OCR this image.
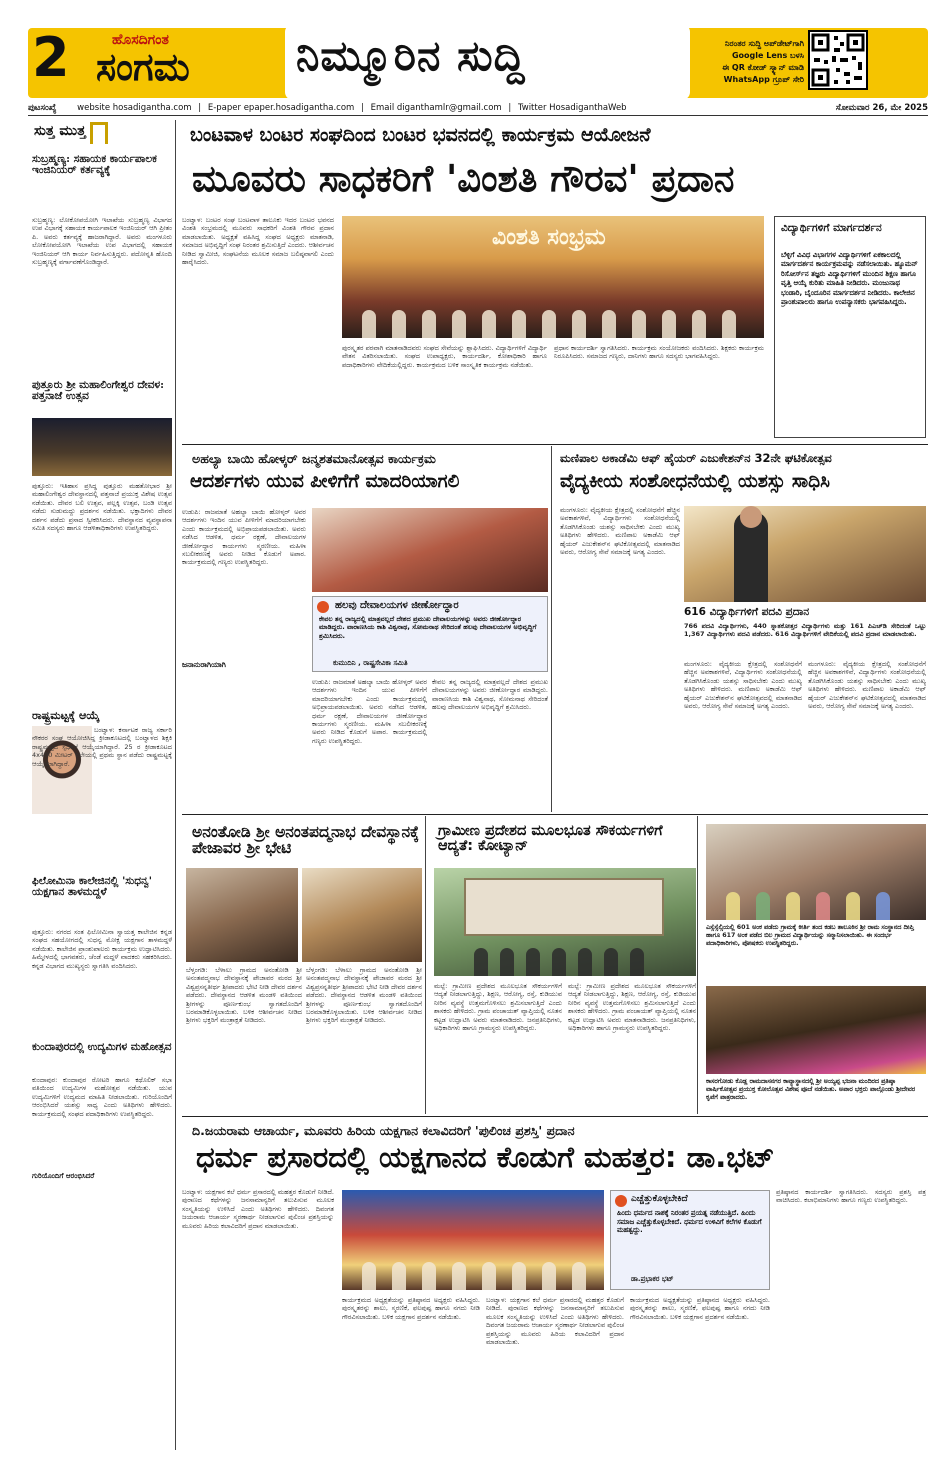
2	ಹೊಸದಿಗಂತ
ಸಂಗಮ	ನಿಮ್ಮೂರಿನ ಸುದ್ದಿ	ನಿರಂತರ ಸುದ್ದಿ ಅಪ್‌ಡೇಟ್‌ಗಾಗಿ
Google Lens ಬಳಸಿ
ಈ QR ಕೋಡ್ ಸ್ಕ್ಯಾನ್ ಮಾಡಿ
WhatsApp ಗ್ರೂಪ್ ಸೇರಿ
ಪುಟಸಂಖ್ಯೆ website hosadigantha.com | E-paper epaper.hosadigantha.com | Email diganthamlr@gmail.com | Twitter HosadiganthaWeb	ಸೋಮವಾರ 26, ಮೇ 2025
ಸುತ್ತ ಮುತ್ತ
ಸುಬ್ರಹ್ಮಣ್ಯ: ಸಹಾಯಕ ಕಾರ್ಯಪಾಲಕ ಇಂಜಿನಿಯರ್ ಕರ್ತವ್ಯಕ್ಕೆ
ಸುಬ್ರಹ್ಮಣ್ಯ: ಲೋಕೋಪಯೋಗಿ ಇಲಾಖೆಯ ಸುಬ್ರಹ್ಮಣ್ಯ ವಿಭಾಗದ ಉಪ ವಿಭಾಗಕ್ಕೆ ಸಹಾಯಕ ಕಾರ್ಯಪಾಲಕ ಇಂಜಿನಿಯರ್ ಆಗಿ ಪ್ರೀತಂ ಪಿ. ಅವರು ಕರ್ತವ್ಯಕ್ಕೆ ಹಾಜರಾಗಿದ್ದಾರೆ. ಅವರು ಮಂಗಳೂರು ಲೋಕೋಪಯೋಗಿ ಇಲಾಖೆಯ ಉಪ ವಿಭಾಗದಲ್ಲಿ ಸಹಾಯಕ ಇಂಜಿನಿಯರ್ ಆಗಿ ಕಾರ್ಯ ನಿರ್ವಹಿಸುತ್ತಿದ್ದರು. ಪದೋನ್ನತಿ ಹೊಂದಿ ಸುಬ್ರಹ್ಮಣ್ಯಕ್ಕೆ ವರ್ಗಾವಣೆಗೊಂಡಿದ್ದಾರೆ.
ಪುತ್ತೂರು ಶ್ರೀ ಮಹಾಲಿಂಗೇಶ್ವರ ದೇವಳ: ಪತ್ತನಾಜೆ ಉತ್ಸವ
ಪುತ್ತೂರು: ಇತಿಹಾಸ ಪ್ರಸಿದ್ಧ ಪುತ್ತೂರು ಮಹತೋಭಾರ ಶ್ರೀ ಮಹಾಲಿಂಗೇಶ್ವರ ದೇವಸ್ಥಾನದಲ್ಲಿ ಪತ್ತನಾಜೆ ಪ್ರಯುಕ್ತ ವಿಶೇಷ ಉತ್ಸವ ನಡೆಯಿತು. ದೇವರ ಬಲಿ ಉತ್ಸವ, ಪಲ್ಲಕ್ಕಿ ಉತ್ಸವ, ಬಂಡಿ ಉತ್ಸವ ನಡೆದು ಸುಡುಮದ್ದು ಪ್ರದರ್ಶನ ನಡೆಯಿತು. ಭಕ್ತಾದಿಗಳು ದೇವರ ದರ್ಶನ ಪಡೆದು ಪ್ರಸಾದ ಸ್ವೀಕರಿಸಿದರು. ದೇವಸ್ಥಾನದ ವ್ಯವಸ್ಥಾಪನಾ ಸಮಿತಿ ಸದಸ್ಯರು ಹಾಗೂ ಆಡಳಿತಾಧಿಕಾರಿಗಳು ಉಪಸ್ಥಿತರಿದ್ದರು.
ರಾಷ್ಟ್ರಮಟ್ಟಕ್ಕೆ ಆಯ್ಕೆ
ಬಂಟ್ವಾಳ: ಕರ್ನಾಟಕ ರಾಜ್ಯ ಸರ್ಕಾರಿ ನೌಕರರ ಸಂಘ ಆಯೋಜಿಸಿದ್ದ ಕ್ರೀಡಾಕೂಟದಲ್ಲಿ ಬಂಟ್ವಾಳದ ಶಿಕ್ಷಕಿ ರಾಷ್ಟ್ರಮಟ್ಟದ ಸ್ಪರ್ಧೆಗೆ ಆಯ್ಕೆಯಾಗಿದ್ದಾರೆ. 25 ರ ಕ್ರೀಡಾಕೂಟದ 4x400 ಮೀಟರ್ ರಿಲೇಯಲ್ಲಿ ಪ್ರಥಮ ಸ್ಥಾನ ಪಡೆದು ರಾಷ್ಟ್ರಮಟ್ಟಕ್ಕೆ ಆಯ್ಕೆಯಾಗಿದ್ದಾರೆ.
ಫಿಲೋಮಿನಾ ಕಾಲೇಜಿನಲ್ಲಿ 'ಸುಧನ್ವ' ಯಕ್ಷಗಾನ ತಾಳಮದ್ದಳೆ
ಪುತ್ತೂರು: ನಗರದ ಸಂತ ಫಿಲೋಮಿನಾ ಸ್ವಾಯತ್ತ ಕಾಲೇಜಿನ ಕನ್ನಡ ಸಂಘದ ಸಹಯೋಗದಲ್ಲಿ ಸುಧನ್ವ ಮೋಕ್ಷ ಯಕ್ಷಗಾನ ತಾಳಮದ್ದಳೆ ನಡೆಯಿತು. ಕಾಲೇಜಿನ ಪ್ರಾಂಶುಪಾಲರು ಕಾರ್ಯಕ್ರಮ ಉದ್ಘಾಟಿಸಿದರು. ಹಿಮ್ಮೇಳದಲ್ಲಿ ಭಾಗವತರು, ಚೆಂಡೆ ಮದ್ದಳೆ ವಾದಕರು ಸಹಕರಿಸಿದರು. ಕನ್ನಡ ವಿಭಾಗದ ಮುಖ್ಯಸ್ಥರು ಸ್ವಾಗತಿಸಿ ವಂದಿಸಿದರು.
ಕುಂದಾಪುರದಲ್ಲಿ ಉದ್ಯಮಿಗಳ ಮಹೋತ್ಸವ
ಕುಂದಾಪುರ: ಕುಂದಾಪುರ ರೋಟರಿ ಹಾಗೂ ಕಥೊಲಿಕ್ ಸಭಾ ವತಿಯಿಂದ ಉದ್ಯಮಿಗಳ ಮಹೋತ್ಸವ ನಡೆಯಿತು. ಯುವ ಉದ್ಯಮಿಗಳಿಗೆ ಉದ್ಯಮದ ಮಾಹಿತಿ ನೀಡಲಾಯಿತು. ಗುರಿಯೊಂದಿಗೆ ಆರಂಭಿಸಿದರೆ ಯಶಸ್ಸು ಸಾಧ್ಯ ಎಂದು ಅತಿಥಿಗಳು ಹೇಳಿದರು. ಕಾರ್ಯಕ್ರಮದಲ್ಲಿ ಸಂಘದ ಪದಾಧಿಕಾರಿಗಳು ಉಪಸ್ಥಿತರಿದ್ದರು.
ಗುರಿಯೊಂದಿಗೆ ಆರಂಭಿಸಿದರೆ
ಬಂಟವಾಳ ಬಂಟರ ಸಂಘದಿಂದ ಬಂಟರ ಭವನದಲ್ಲಿ ಕಾರ್ಯಕ್ರಮ ಆಯೋಜನೆ
ಮೂವರು ಸಾಧಕರಿಗೆ 'ವಿಂಶತಿ ಗೌರವ' ಪ್ರದಾನ
ಬಂಟ್ವಾಳ: ಬಂಟರ ಸಂಘ ಬಂಟವಾಳ ತಾಲೂಕು ಇದರ ಬಂಟರ ಭವನದ ವಿಂಶತಿ ಸಂಭ್ರಮದಲ್ಲಿ ಮೂವರು ಸಾಧಕರಿಗೆ ವಿಂಶತಿ ಗೌರವ ಪ್ರದಾನ ಮಾಡಲಾಯಿತು. ಅಧ್ಯಕ್ಷತೆ ವಹಿಸಿದ್ದ ಸಂಘದ ಅಧ್ಯಕ್ಷರು ಮಾತನಾಡಿ, ಸಮಾಜದ ಅಭಿವೃದ್ಧಿಗೆ ಸಂಘ ನಿರಂತರ ಶ್ರಮಿಸುತ್ತಿದೆ ಎಂದರು. ಆಶೀರ್ವಚನ ನೀಡಿದ ಸ್ವಾಮೀಜಿ, ಸಂಘಟನೆಯ ಮೂಲಕ ಸಮಾಜ ಬಲಿಷ್ಠವಾಗಲಿ ಎಂದು ಹಾರೈಸಿದರು.
ವಿಂಶತಿ ಸಂಭ್ರಮ
ಪುರಸ್ಕೃತರ ಪರವಾಗಿ ಮಾತನಾಡಿದವರು ಸಂಘದ ಸೇವೆಯನ್ನು ಶ್ಲಾಘಿಸಿದರು. ವಿದ್ಯಾರ್ಥಿಗಳಿಗೆ ವಿದ್ಯಾರ್ಥಿ ವೇತನ ವಿತರಿಸಲಾಯಿತು. ಸಂಘದ ಉಪಾಧ್ಯಕ್ಷರು, ಕಾರ್ಯದರ್ಶಿ, ಕೋಶಾಧಿಕಾರಿ ಹಾಗೂ ಪದಾಧಿಕಾರಿಗಳು ವೇದಿಕೆಯಲ್ಲಿದ್ದರು. ಕಾರ್ಯಕ್ರಮದ ಬಳಿಕ ಸಾಂಸ್ಕೃತಿಕ ಕಾರ್ಯಕ್ರಮ ನಡೆಯಿತು.
ಪ್ರಧಾನ ಕಾರ್ಯದರ್ಶಿ ಸ್ವಾಗತಿಸಿದರು. ಕಾರ್ಯಕ್ರಮ ಸಂಯೋಜಕರು ವಂದಿಸಿದರು. ಶಿಕ್ಷಕರು ಕಾರ್ಯಕ್ರಮ ನಿರೂಪಿಸಿದರು. ಸಮಾಜದ ಗಣ್ಯರು, ದಾನಿಗಳು ಹಾಗೂ ಸದಸ್ಯರು ಭಾಗವಹಿಸಿದ್ದರು.
ವಿದ್ಯಾರ್ಥಿಗಳಿಗೆ ಮಾರ್ಗದರ್ಶನ
ಬೆಳ್ಳಿಗೆ ವಿವಿಧ ವಿಭಾಗಗಳ ವಿದ್ಯಾರ್ಥಿಗಳಿಗೆ ಏಕಕಾಲದಲ್ಲಿ ಮಾರ್ಗದರ್ಶನ ಕಾರ್ಯಕ್ರಮವನ್ನು ನಡೆಸಲಾಯಿತು. ಹ್ಯೂಮನ್ ರಿಸೋರ್ಸ್‌ನ ತಜ್ಞರು ವಿದ್ಯಾರ್ಥಿಗಳಿಗೆ ಮುಂದಿನ ಶಿಕ್ಷಣ ಹಾಗೂ ವೃತ್ತಿ ಆಯ್ಕೆ ಕುರಿತು ಮಾಹಿತಿ ನೀಡಿದರು. ಮಂಜುನಾಥ ಭಂಡಾರಿ, ಬೈಂದೂರಿನ ಮಾರ್ಗದರ್ಶನ ನೀಡಿದರು. ಕಾಲೇಜಿನ ಪ್ರಾಂಶುಪಾಲರು ಹಾಗೂ ಉಪನ್ಯಾಸಕರು ಭಾಗವಹಿಸಿದ್ದರು.
ಅಹಲ್ಯಾ ಬಾಯಿ ಹೋಳ್ಕರ್ ಜನ್ಮಶತಮಾನೋತ್ಸವ ಕಾರ್ಯಕ್ರಮ
ಆದರ್ಶಗಳು ಯುವ ಪೀಳಿಗೆಗೆ ಮಾದರಿಯಾಗಲಿ
ಉಡುಪಿ: ರಾಜಮಾತೆ ಅಹಲ್ಯಾ ಬಾಯಿ ಹೋಳ್ಕರ್ ಅವರ ಆದರ್ಶಗಳು ಇಂದಿನ ಯುವ ಪೀಳಿಗೆಗೆ ಮಾದರಿಯಾಗಬೇಕು ಎಂದು ಕಾರ್ಯಕ್ರಮದಲ್ಲಿ ಅಭಿಪ್ರಾಯಪಡಲಾಯಿತು. ಅವರು ನಡೆಸಿದ ಆಡಳಿತ, ಧರ್ಮ ರಕ್ಷಣೆ, ದೇವಾಲಯಗಳ ಜೀರ್ಣೋದ್ಧಾರ ಕಾರ್ಯಗಳು ಸ್ಮರಣೀಯ. ಮಹಿಳಾ ಸಬಲೀಕರಣಕ್ಕೆ ಅವರು ನೀಡಿದ ಕೊಡುಗೆ ಅಪಾರ. ಕಾರ್ಯಕ್ರಮದಲ್ಲಿ ಗಣ್ಯರು ಉಪಸ್ಥಿತರಿದ್ದರು.
ಜನಾನುರಾಗಿಯಾಗಿ
ಹಲವು ದೇವಾಲಯಗಳ ಜೀರ್ಣೋದ್ಧಾರ
ಕೇವಲ ತನ್ನ ರಾಜ್ಯದಲ್ಲಿ ಮಾತ್ರವಲ್ಲದೆ ದೇಶದ ಪ್ರಮುಖ ದೇವಾಲಯಗಳನ್ನು ಅವರು ಜೀರ್ಣೋದ್ಧಾರ ಮಾಡಿದ್ದರು. ವಾರಾಣಸಿಯ ಕಾಶಿ ವಿಶ್ವನಾಥ, ಸೋಮನಾಥ ಸೇರಿದಂತೆ ಹಲವು ದೇವಾಲಯಗಳ ಅಭಿವೃದ್ಧಿಗೆ ಶ್ರಮಿಸಿದರು.
ಕುಮುದಿನಿ , ರಾಷ್ಟ್ರಸೇವಿಕಾ ಸಮಿತಿ
ಉಡುಪಿ: ರಾಜಮಾತೆ ಅಹಲ್ಯಾ ಬಾಯಿ ಹೋಳ್ಕರ್ ಅವರ ಆದರ್ಶಗಳು ಇಂದಿನ ಯುವ ಪೀಳಿಗೆಗೆ ಮಾದರಿಯಾಗಬೇಕು ಎಂದು ಕಾರ್ಯಕ್ರಮದಲ್ಲಿ ಅಭಿಪ್ರಾಯಪಡಲಾಯಿತು. ಅವರು ನಡೆಸಿದ ಆಡಳಿತ, ಧರ್ಮ ರಕ್ಷಣೆ, ದೇವಾಲಯಗಳ ಜೀರ್ಣೋದ್ಧಾರ ಕಾರ್ಯಗಳು ಸ್ಮರಣೀಯ. ಮಹಿಳಾ ಸಬಲೀಕರಣಕ್ಕೆ ಅವರು ನೀಡಿದ ಕೊಡುಗೆ ಅಪಾರ. ಕಾರ್ಯಕ್ರಮದಲ್ಲಿ ಗಣ್ಯರು ಉಪಸ್ಥಿತರಿದ್ದರು.
ಕೇವಲ ತನ್ನ ರಾಜ್ಯದಲ್ಲಿ ಮಾತ್ರವಲ್ಲದೆ ದೇಶದ ಪ್ರಮುಖ ದೇವಾಲಯಗಳನ್ನು ಅವರು ಜೀರ್ಣೋದ್ಧಾರ ಮಾಡಿದ್ದರು. ವಾರಾಣಸಿಯ ಕಾಶಿ ವಿಶ್ವನಾಥ, ಸೋಮನಾಥ ಸೇರಿದಂತೆ ಹಲವು ದೇವಾಲಯಗಳ ಅಭಿವೃದ್ಧಿಗೆ ಶ್ರಮಿಸಿದರು.
ಮಣಿಪಾಲ ಅಕಾಡೆಮಿ ಆಫ್ ಹೈಯರ್ ಎಜುಕೇಶನ್‌ನ 32ನೇ ಘಟಿಕೋತ್ಸವ
ವೈದ್ಯಕೀಯ ಸಂಶೋಧನೆಯಲ್ಲಿ ಯಶಸ್ಸು ಸಾಧಿಸಿ
ಮಂಗಳೂರು: ವೈದ್ಯಕೀಯ ಕ್ಷೇತ್ರದಲ್ಲಿ ಸಂಶೋಧನೆಗೆ ಹೆಚ್ಚಿನ ಅವಕಾಶಗಳಿವೆ, ವಿದ್ಯಾರ್ಥಿಗಳು ಸಂಶೋಧನೆಯಲ್ಲಿ ತೊಡಗಿಸಿಕೊಂಡು ಯಶಸ್ಸು ಸಾಧಿಸಬೇಕು ಎಂದು ಮುಖ್ಯ ಅತಿಥಿಗಳು ಹೇಳಿದರು. ಮಣಿಪಾಲ ಅಕಾಡೆಮಿ ಆಫ್ ಹೈಯರ್ ಎಜುಕೇಶನ್‌ನ ಘಟಿಕೋತ್ಸವದಲ್ಲಿ ಮಾತನಾಡಿದ ಅವರು, ಆರೋಗ್ಯ ಸೇವೆ ಸಮಾಜಕ್ಕೆ ಅಗತ್ಯ ಎಂದರು.
616 ವಿದ್ಯಾರ್ಥಿಗಳಿಗೆ ಪದವಿ ಪ್ರದಾನ
766 ಪದವಿ ವಿದ್ಯಾರ್ಥಿಗಳು, 440 ಸ್ನಾತಕೋತ್ತರ ವಿದ್ಯಾರ್ಥಿಗಳು ಮತ್ತು 161 ಪಿಎಚ್‌ಡಿ ಸೇರಿದಂತೆ ಒಟ್ಟು 1,367 ವಿದ್ಯಾರ್ಥಿಗಳು ಪದವಿ ಪಡೆದರು. 616 ವಿದ್ಯಾರ್ಥಿಗಳಿಗೆ ವೇದಿಕೆಯಲ್ಲಿ ಪದವಿ ಪ್ರದಾನ ಮಾಡಲಾಯಿತು.
ಮಂಗಳೂರು: ವೈದ್ಯಕೀಯ ಕ್ಷೇತ್ರದಲ್ಲಿ ಸಂಶೋಧನೆಗೆ ಹೆಚ್ಚಿನ ಅವಕಾಶಗಳಿವೆ, ವಿದ್ಯಾರ್ಥಿಗಳು ಸಂಶೋಧನೆಯಲ್ಲಿ ತೊಡಗಿಸಿಕೊಂಡು ಯಶಸ್ಸು ಸಾಧಿಸಬೇಕು ಎಂದು ಮುಖ್ಯ ಅತಿಥಿಗಳು ಹೇಳಿದರು. ಮಣಿಪಾಲ ಅಕಾಡೆಮಿ ಆಫ್ ಹೈಯರ್ ಎಜುಕೇಶನ್‌ನ ಘಟಿಕೋತ್ಸವದಲ್ಲಿ ಮಾತನಾಡಿದ ಅವರು, ಆರೋಗ್ಯ ಸೇವೆ ಸಮಾಜಕ್ಕೆ ಅಗತ್ಯ ಎಂದರು.
ಮಂಗಳೂರು: ವೈದ್ಯಕೀಯ ಕ್ಷೇತ್ರದಲ್ಲಿ ಸಂಶೋಧನೆಗೆ ಹೆಚ್ಚಿನ ಅವಕಾಶಗಳಿವೆ, ವಿದ್ಯಾರ್ಥಿಗಳು ಸಂಶೋಧನೆಯಲ್ಲಿ ತೊಡಗಿಸಿಕೊಂಡು ಯಶಸ್ಸು ಸಾಧಿಸಬೇಕು ಎಂದು ಮುಖ್ಯ ಅತಿಥಿಗಳು ಹೇಳಿದರು. ಮಣಿಪಾಲ ಅಕಾಡೆಮಿ ಆಫ್ ಹೈಯರ್ ಎಜುಕೇಶನ್‌ನ ಘಟಿಕೋತ್ಸವದಲ್ಲಿ ಮಾತನಾಡಿದ ಅವರು, ಆರೋಗ್ಯ ಸೇವೆ ಸಮಾಜಕ್ಕೆ ಅಗತ್ಯ ಎಂದರು.
ಅನಂತೋಡಿ ಶ್ರೀ ಅನಂತಪದ್ಮನಾಭ ದೇವಸ್ಥಾನಕ್ಕೆ ಪೇಜಾವರ ಶ್ರೀ ಭೇಟಿ
ಬೆಳ್ತಂಗಡಿ: ಬೆಳಾಲು ಗ್ರಾಮದ ಅನಂತೋಡಿ ಶ್ರೀ ಅನಂತಪದ್ಮನಾಭ ದೇವಸ್ಥಾನಕ್ಕೆ ಪೇಜಾವರ ಮಠದ ಶ್ರೀ ವಿಶ್ವಪ್ರಸನ್ನತೀರ್ಥ ಶ್ರೀಪಾದರು ಭೇಟಿ ನೀಡಿ ದೇವರ ದರ್ಶನ ಪಡೆದರು. ದೇವಸ್ಥಾನದ ಆಡಳಿತ ಮಂಡಳಿ ವತಿಯಿಂದ ಶ್ರೀಗಳನ್ನು ಪೂರ್ಣಕುಂಭ ಸ್ವಾಗತದೊಂದಿಗೆ ಬರಮಾಡಿಕೊಳ್ಳಲಾಯಿತು. ಬಳಿಕ ಆಶೀರ್ವಚನ ನೀಡಿದ ಶ್ರೀಗಳು ಭಕ್ತರಿಗೆ ಮಂತ್ರಾಕ್ಷತೆ ನೀಡಿದರು.
ಬೆಳ್ತಂಗಡಿ: ಬೆಳಾಲು ಗ್ರಾಮದ ಅನಂತೋಡಿ ಶ್ರೀ ಅನಂತಪದ್ಮನಾಭ ದೇವಸ್ಥಾನಕ್ಕೆ ಪೇಜಾವರ ಮಠದ ಶ್ರೀ ವಿಶ್ವಪ್ರಸನ್ನತೀರ್ಥ ಶ್ರೀಪಾದರು ಭೇಟಿ ನೀಡಿ ದೇವರ ದರ್ಶನ ಪಡೆದರು. ದೇವಸ್ಥಾನದ ಆಡಳಿತ ಮಂಡಳಿ ವತಿಯಿಂದ ಶ್ರೀಗಳನ್ನು ಪೂರ್ಣಕುಂಭ ಸ್ವಾಗತದೊಂದಿಗೆ ಬರಮಾಡಿಕೊಳ್ಳಲಾಯಿತು. ಬಳಿಕ ಆಶೀರ್ವಚನ ನೀಡಿದ ಶ್ರೀಗಳು ಭಕ್ತರಿಗೆ ಮಂತ್ರಾಕ್ಷತೆ ನೀಡಿದರು.
ಗ್ರಾಮೀಣ ಪ್ರದೇಶದ ಮೂಲಭೂತ ಸೌಕರ್ಯಗಳಿಗೆ ಆದ್ಯತೆ: ಕೋಟ್ಯಾನ್
ಮಲ್ಪೆ: ಗ್ರಾಮೀಣ ಪ್ರದೇಶದ ಮೂಲಭೂತ ಸೌಕರ್ಯಗಳಿಗೆ ಆದ್ಯತೆ ನೀಡಲಾಗುತ್ತಿದ್ದು, ಶಿಕ್ಷಣ, ಆರೋಗ್ಯ, ರಸ್ತೆ, ಕುಡಿಯುವ ನೀರಿನ ವ್ಯವಸ್ಥೆ ಉತ್ತಮಗೊಳಿಸಲು ಶ್ರಮಿಸಲಾಗುತ್ತಿದೆ ಎಂದು ಶಾಸಕರು ಹೇಳಿದರು. ಗ್ರಾಮ ಪಂಚಾಯತ್ ವ್ಯಾಪ್ತಿಯಲ್ಲಿ ನೂತನ ಕಟ್ಟಡ ಉದ್ಘಾಟಿಸಿ ಅವರು ಮಾತನಾಡಿದರು. ಜನಪ್ರತಿನಿಧಿಗಳು, ಅಧಿಕಾರಿಗಳು ಹಾಗೂ ಗ್ರಾಮಸ್ಥರು ಉಪಸ್ಥಿತರಿದ್ದರು.
ಮಲ್ಪೆ: ಗ್ರಾಮೀಣ ಪ್ರದೇಶದ ಮೂಲಭೂತ ಸೌಕರ್ಯಗಳಿಗೆ ಆದ್ಯತೆ ನೀಡಲಾಗುತ್ತಿದ್ದು, ಶಿಕ್ಷಣ, ಆರೋಗ್ಯ, ರಸ್ತೆ, ಕುಡಿಯುವ ನೀರಿನ ವ್ಯವಸ್ಥೆ ಉತ್ತಮಗೊಳಿಸಲು ಶ್ರಮಿಸಲಾಗುತ್ತಿದೆ ಎಂದು ಶಾಸಕರು ಹೇಳಿದರು. ಗ್ರಾಮ ಪಂಚಾಯತ್ ವ್ಯಾಪ್ತಿಯಲ್ಲಿ ನೂತನ ಕಟ್ಟಡ ಉದ್ಘಾಟಿಸಿ ಅವರು ಮಾತನಾಡಿದರು. ಜನಪ್ರತಿನಿಧಿಗಳು, ಅಧಿಕಾರಿಗಳು ಹಾಗೂ ಗ್ರಾಮಸ್ಥರು ಉಪಸ್ಥಿತರಿದ್ದರು.
ಎಸ್ಸೆಸ್ಸೆಲ್ಸಿಯಲ್ಲಿ 601 ಅಂಕ ಪಡೆದು ಗ್ರಾಮಕ್ಕೆ ಕೀರ್ತಿ ತಂದ ಕಡಬ ತಾಲೂಕಿನ ಶ್ರೀ ರಾಮ ಸಂಸ್ಥಾನದ ದೀಪ್ತಿ ಹಾಗೂ 617 ಅಂಕ ಪಡೆದ ಬಿಲ ಗ್ರಾಮದ ವಿದ್ಯಾರ್ಥಿಯನ್ನು ಸನ್ಮಾನಿಸಲಾಯಿತು. ಈ ಸಂದರ್ಭ ಪದಾಧಿಕಾರಿಗಳು, ಪೋಷಕರು ಉಪಸ್ಥಿತರಿದ್ದರು.
ಕಾಸರಗೋಡು ಕೊಡ್ಲ ರಾಮದಾಸನಗರ ಕಾವ್ಯಾಸ್ಥಾನದಲ್ಲಿ ಶ್ರೀ ಅಯ್ಯಪ್ಪ ಭಜನಾ ಮಂದಿರದ ಪ್ರತಿಷ್ಠಾ ವಾರ್ಷಿಕೋತ್ಸವ ಪ್ರಯುಕ್ತ ಕೋಲೊತ್ಸವ ವಿಶೇಷ ಪೂಜೆ ನಡೆಯಿತು. ಅಪಾರ ಭಕ್ತರು ಪಾಲ್ಗೊಂಡು ಶ್ರೀದೇವರ ಕೃಪೆಗೆ ಪಾತ್ರರಾದರು.
ದಿ.ಜಯರಾಮ ಆಚಾರ್ಯ, ಮೂವರು ಹಿರಿಯ ಯಕ್ಷಗಾನ ಕಲಾವಿದರಿಗೆ 'ಪುಲಿಂಚ ಪ್ರಶಸ್ತಿ' ಪ್ರದಾನ
ಧರ್ಮ ಪ್ರಸಾರದಲ್ಲಿ ಯಕ್ಷಗಾನದ ಕೊಡುಗೆ ಮಹತ್ತರ: ಡಾ.ಭಟ್
ಬಂಟ್ವಾಳ: ಯಕ್ಷಗಾನ ಕಲೆ ಧರ್ಮ ಪ್ರಸಾರದಲ್ಲಿ ಮಹತ್ತರ ಕೊಡುಗೆ ನೀಡಿದೆ. ಪುರಾಣದ ಕಥೆಗಳನ್ನು ಜನಸಾಮಾನ್ಯರಿಗೆ ತಲುಪಿಸುವ ಮೂಲಕ ಸಂಸ್ಕೃತಿಯನ್ನು ಉಳಿಸಿದೆ ಎಂದು ಅತಿಥಿಗಳು ಹೇಳಿದರು. ದಿವಂಗತ ಜಯರಾಮ ಆಚಾರ್ಯ ಸ್ಮರಣಾರ್ಥ ನೀಡಲಾಗುವ ಪುಲಿಂಚ ಪ್ರಶಸ್ತಿಯನ್ನು ಮೂವರು ಹಿರಿಯ ಕಲಾವಿದರಿಗೆ ಪ್ರದಾನ ಮಾಡಲಾಯಿತು.
ಎಚ್ಚೆತ್ತುಕೊಳ್ಳಬೇಕಿದೆ
ಹಿಂದು ಧರ್ಮದ ನಾಶಕ್ಕೆ ನಿರಂತರ ಪ್ರಯತ್ನ ನಡೆಯುತ್ತಿದೆ. ಹಿಂದು ಸಮಾಜ ಎಚ್ಚೆತ್ತುಕೊಳ್ಳಬೇಕಿದೆ. ಧರ್ಮದ ಉಳಿವಿಗೆ ಕಲೆಗಳ ಕೊಡುಗೆ ಮಹತ್ವದ್ದು.
ಡಾ.ಪ್ರಭಾಕರ ಭಟ್
ಕಾರ್ಯಕ್ರಮದ ಅಧ್ಯಕ್ಷತೆಯನ್ನು ಪ್ರತಿಷ್ಠಾನದ ಅಧ್ಯಕ್ಷರು ವಹಿಸಿದ್ದರು. ಪುರಸ್ಕೃತರನ್ನು ಶಾಲು, ಸ್ಮರಣಿಕೆ, ಫಲಪುಷ್ಪ ಹಾಗೂ ನಗದು ನೀಡಿ ಗೌರವಿಸಲಾಯಿತು. ಬಳಿಕ ಯಕ್ಷಗಾನ ಪ್ರದರ್ಶನ ನಡೆಯಿತು.
ಬಂಟ್ವಾಳ: ಯಕ್ಷಗಾನ ಕಲೆ ಧರ್ಮ ಪ್ರಸಾರದಲ್ಲಿ ಮಹತ್ತರ ಕೊಡುಗೆ ನೀಡಿದೆ. ಪುರಾಣದ ಕಥೆಗಳನ್ನು ಜನಸಾಮಾನ್ಯರಿಗೆ ತಲುಪಿಸುವ ಮೂಲಕ ಸಂಸ್ಕೃತಿಯನ್ನು ಉಳಿಸಿದೆ ಎಂದು ಅತಿಥಿಗಳು ಹೇಳಿದರು. ದಿವಂಗತ ಜಯರಾಮ ಆಚಾರ್ಯ ಸ್ಮರಣಾರ್ಥ ನೀಡಲಾಗುವ ಪುಲಿಂಚ ಪ್ರಶಸ್ತಿಯನ್ನು ಮೂವರು ಹಿರಿಯ ಕಲಾವಿದರಿಗೆ ಪ್ರದಾನ ಮಾಡಲಾಯಿತು.
ಕಾರ್ಯಕ್ರಮದ ಅಧ್ಯಕ್ಷತೆಯನ್ನು ಪ್ರತಿಷ್ಠಾನದ ಅಧ್ಯಕ್ಷರು ವಹಿಸಿದ್ದರು. ಪುರಸ್ಕೃತರನ್ನು ಶಾಲು, ಸ್ಮರಣಿಕೆ, ಫಲಪುಷ್ಪ ಹಾಗೂ ನಗದು ನೀಡಿ ಗೌರವಿಸಲಾಯಿತು. ಬಳಿಕ ಯಕ್ಷಗಾನ ಪ್ರದರ್ಶನ ನಡೆಯಿತು.
ಪ್ರತಿಷ್ಠಾನದ ಕಾರ್ಯದರ್ಶಿ ಸ್ವಾಗತಿಸಿದರು. ಸದಸ್ಯರು ಪ್ರಶಸ್ತಿ ಪತ್ರ ವಾಚಿಸಿದರು. ಕಲಾಭಿಮಾನಿಗಳು ಹಾಗೂ ಗಣ್ಯರು ಉಪಸ್ಥಿತರಿದ್ದರು.
